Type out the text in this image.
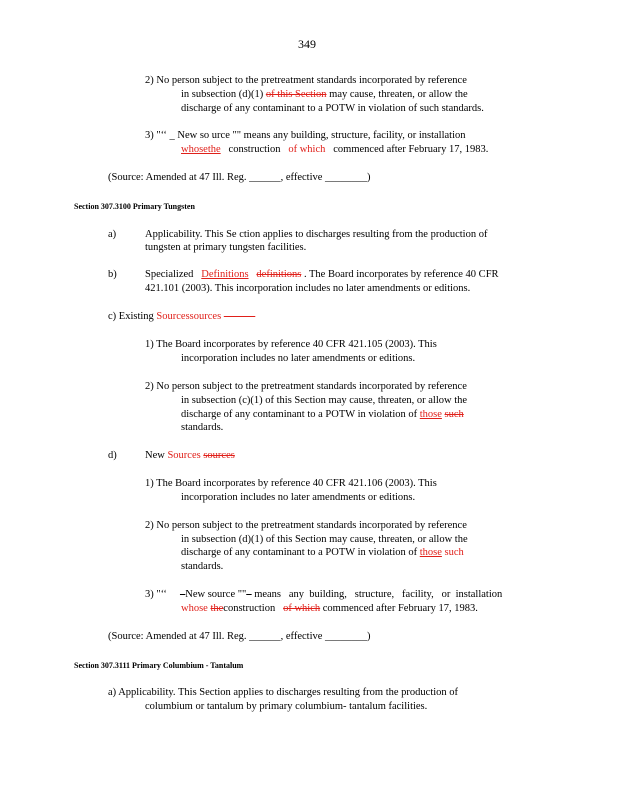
349
2) No person subject to the pretreatment standards incorporated by reference
in subsection (d)(1) of this Section may cause, threaten, or allow the
discharge of any contaminant to a POTW in violation of such standards.
3) "‘‘ _ New so urce "" means any building, structure, facility, or installation
whosethe construction of which commenced after February 17, 1983.
(Source: Amended at 47 Ill. Reg. ______, effective ________)
Section 307.3100 Primary Tungsten
a)	Applicability. This Se ction applies to discharges resulting from the production of
tungsten at primary tungsten facilities.
b)	Specialized Definitions definitions . The Board incorporates by reference 40 CFR
421.101 (2003). This incorporation includes no later amendments or editions.
c) Existing Sourcessources
1) The Board incorporates by reference 40 CFR 421.105 (2003). This
incorporation includes no later amendments or editions.
2) No person subject to the pretreatment standards incorporated by reference
in subsection (c)(1) of this Section may cause, threaten, or allow the
discharge of any contaminant to a POTW in violation of those such
standards.
d)	New Sources sources
1) The Board incorporates by reference 40 CFR 421.106 (2003). This
incorporation includes no later amendments or editions.
2) No person subject to the pretreatment standards incorporated by reference
in subsection (d)(1) of this Section may cause, threaten, or allow the
discharge of any contaminant to a POTW in violation of those such
standards.
3) "‘‘ –New source ""– means   any  building,   structure,   facility,   or  installation
whose theconstruction of which commenced after February 17, 1983.
(Source: Amended at 47 Ill. Reg. ______, effective ________)
Section 307.3111 Primary Columbium - Tantalum
a) Applicability. This Section applies to discharges resulting from the production of
columbium or tantalum by primary columbium- tantalum facilities.
